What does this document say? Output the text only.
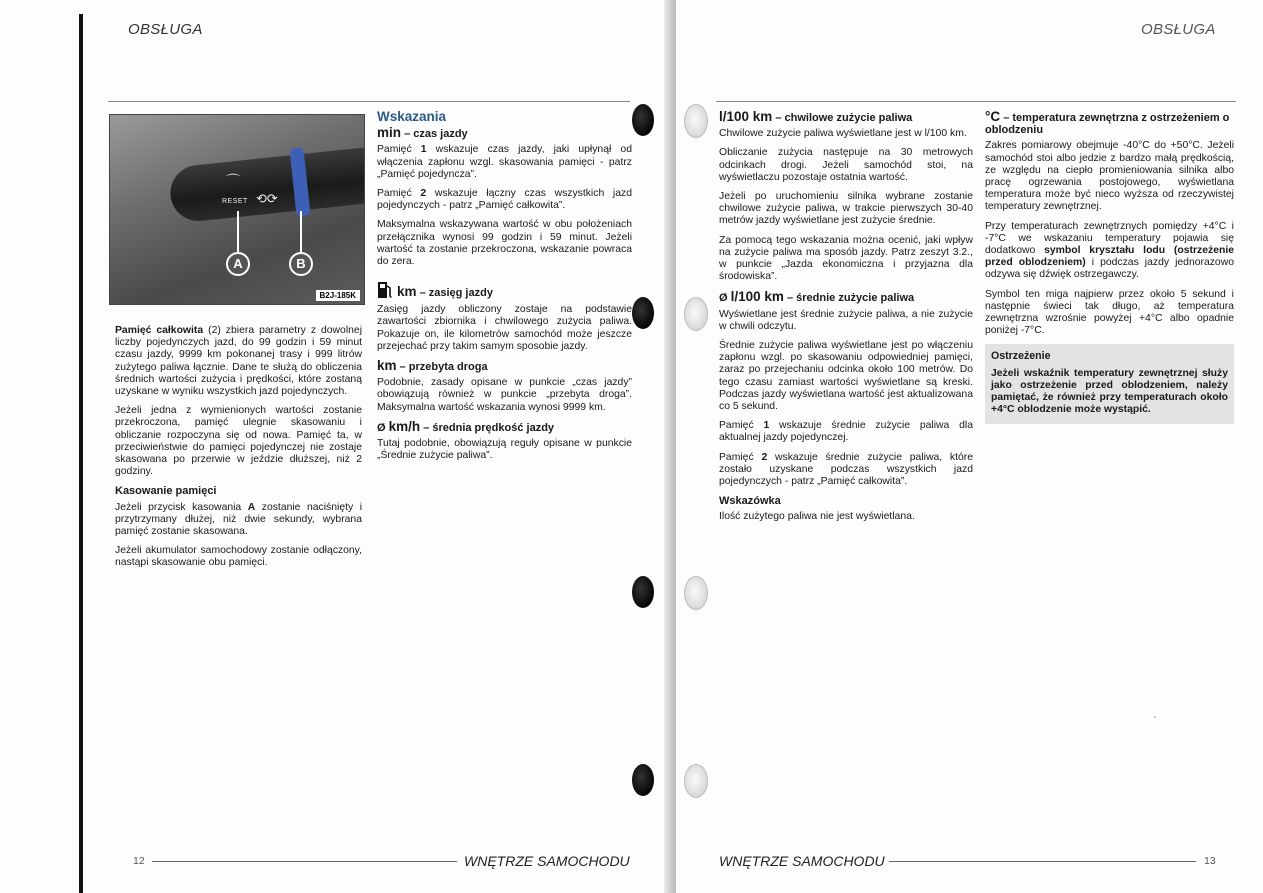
OBSŁUGA
⌒
⟲⟳
RESET
A	B
B2J-185K

Pamięć całkowita (2) zbiera parametry z dowolnej liczby pojedynczych jazd, do 99 godzin i 59 minut czasu jazdy, 9999 km pokonanej trasy i 999 litrów zużytego paliwa łącznie. Dane te służą do obliczenia średnich wartości zużycia i prędkości, które zostaną uzyskane w wyniku wszystkich jazd pojedynczych.

Jeżeli jedna z wymienionych wartości zostanie przekroczona, pamięć ulegnie skasowaniu i obliczanie rozpoczyna się od nowa. Pamięć ta, w przeciwieństwie do pamięci pojedynczej nie zostaje skasowana po przerwie w jeździe dłuższej, niż 2 godziny.

Kasowanie pamięci

Jeżeli przycisk kasowania A zostanie naciśnięty i przytrzymany dłużej, niż dwie sekundy, wybrana pamięć zostanie skasowana.

Jeżeli akumulator samochodowy zostanie odłączony, nastąpi skasowanie obu pamięci.

Wskazania
min – czas jazdy

Pamięć 1 wskazuje czas jazdy, jaki upłynął od włączenia zapłonu wzgl. skasowania pamięci - patrz „Pamięć pojedyncza”.

Pamięć 2 wskazuje łączny czas wszystkich jazd pojedynczych - patrz „Pamięć całkowita”.

Maksymalna wskazywana wartość w obu położeniach przełącznika wynosi 99 godzin i 59 minut. Jeżeli wartość ta zostanie przekroczona, wskazanie powraca do zera.

km – zasięg jazdy

Zasięg jazdy obliczony zostaje na podstawie zawartości zbiornika i chwilowego zużycia paliwa. Pokazuje on, ile kilometrów samochód może jeszcze przejechać przy takim samym sposobie jazdy.

km – przebyta droga

Podobnie, zasady opisane w punkcie „czas jazdy” obowiązują również w punkcie „przebyta droga”. Maksymalna wartość wskazania wynosi 9999 km.

Ø km/h – średnia prędkość jazdy

Tutaj podobnie, obowiązują reguły opisane w punkcie „Średnie zużycie paliwa”.

12	WNĘTRZE SAMOCHODU
OBSŁUGA
l/100 km – chwilowe zużycie paliwa

Chwilowe zużycie paliwa wyświetlane jest w l/100 km.

Obliczanie zużycia następuje na 30 metrowych odcinkach drogi. Jeżeli samochód stoi, na wyświetlaczu pozostaje ostatnia wartość.

Jeżeli po uruchomieniu silnika wybrane zostanie chwilowe zużycie paliwa, w trakcie pierwszych 30-40 metrów jazdy wyświetlane jest zużycie średnie.

Za pomocą tego wskazania można ocenić, jaki wpływ na zużycie paliwa ma sposób jazdy. Patrz zeszyt 3.2., w punkcie „Jazda ekonomiczna i przyjazna dla środowiska”.

Ø l/100 km – średnie zużycie paliwa

Wyświetlane jest średnie zużycie paliwa, a nie zużycie w chwili odczytu.

Średnie zużycie paliwa wyświetlane jest po włączeniu zapłonu wzgl. po skasowaniu odpowiedniej pamięci, zaraz po przejechaniu odcinka około 100 metrów. Do tego czasu zamiast wartości wyświetlane są kreski. Podczas jazdy wyświetlana wartość jest aktualizowana co 5 sekund.

Pamięć 1 wskazuje średnie zużycie paliwa dla aktualnej jazdy pojedynczej.

Pamięć 2 wskazuje średnie zużycie paliwa, które zostało uzyskane podczas wszystkich jazd pojedynczych - patrz „Pamięć całkowita”.

Wskazówka

Ilość zużytego paliwa nie jest wyświetlana.

°C – temperatura zewnętrzna z ostrzeżeniem o oblodzeniu

Zakres pomiarowy obejmuje -40°C do +50°C. Jeżeli samochód stoi albo jedzie z bardzo małą prędkością, ze względu na ciepło promieniowania silnika albo pracę ogrzewania postojowego, wyświetlana temperatura może być nieco wyższa od rzeczywistej temperatury zewnętrznej.

Przy temperaturach zewnętrznych pomiędzy +4°C i -7°C we wskazaniu temperatury pojawia się dodatkowo symbol kryształu lodu (ostrzeżenie przed oblodzeniem) i podczas jazdy jednorazowo odzywa się dźwięk ostrzegawczy.

Symbol ten miga najpierw przez około 5 sekund i następnie świeci tak długo, aż temperatura zewnętrzna wzrośnie powyżej +4°C albo opadnie poniżej -7°C.

Ostrzeżenie
Jeżeli wskaźnik temperatury zewnętrznej służy jako ostrzeżenie przed oblodzeniem, należy pamiętać, że również przy temperaturach około +4°C oblodzenie może wystąpić.
WNĘTRZE SAMOCHODU	13
